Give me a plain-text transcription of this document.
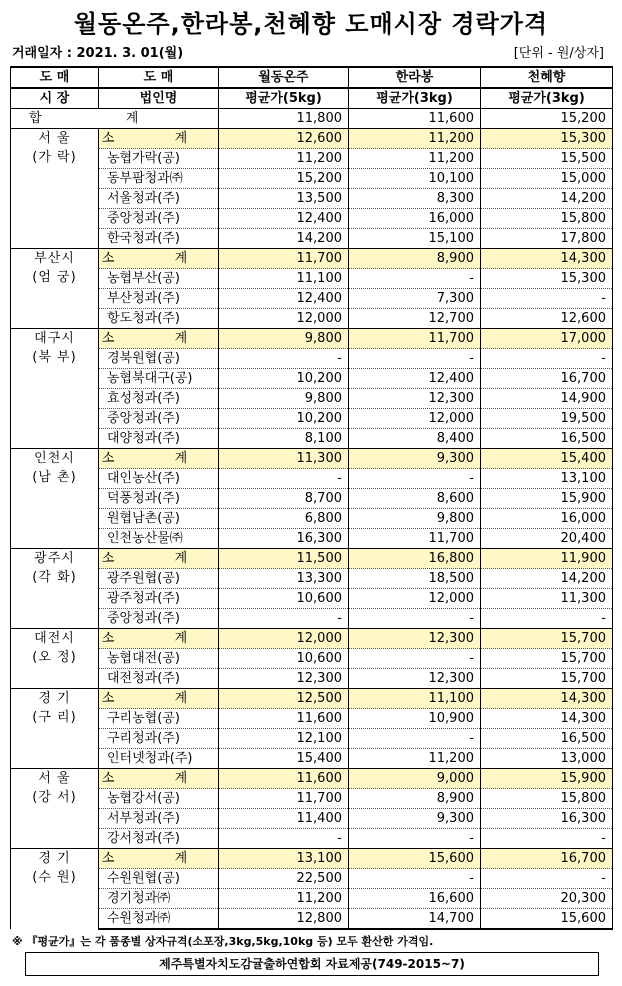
월동온주,한라봉,천혜향 도매시장 경락가격
거래일자 : 2021. 3. 01(월)	[단위 - 원/상자]
도 매	도 매	월동온주	한라봉	천혜향
시 장	법인명	평균가(5kg)	평균가(3kg)	평균가(3kg)
합 계		11,800	11,600	15,200

서 울
(가 락)	소 계	12,600	11,200	15,300
	농협가락(공)	11,200	11,200	15,500
	동부팜청과㈜	15,200	10,100	15,000
	서울청과(주)	13,500	8,300	14,200
	중앙청과(주)	12,400	16,000	15,800
	한국청과(주)	14,200	15,100	17,800

부산시
(엄 궁)	소 계	11,700	8,900	14,300
	농협부산(공)	11,100	-	15,300
	부산청과(주)	12,400	7,300	-
	항도청과(주)	12,000	12,700	12,600

대구시
(북 부)	소 계	9,800	11,700	17,000
	경북원협(공)	-	-	-
	농협북대구(공)	10,200	12,400	16,700
	효성청과(주)	9,800	12,300	14,900
	중앙청과(주)	10,200	12,000	19,500
	대양청과(주)	8,100	8,400	16,500

인천시
(남 촌)	소 계	11,300	9,300	15,400
	대인농산(주)	-	-	13,100
	덕풍청과(주)	8,700	8,600	15,900
	원협남촌(공)	6,800	9,800	16,000
	인천농산물㈜	16,300	11,700	20,400

광주시
(각 화)	소 계	11,500	16,800	11,900
	광주원협(공)	13,300	18,500	14,200
	광주청과(주)	10,600	12,000	11,300
	중앙청과(주)	-	-	-

대전시
(오 정)	소 계	12,000	12,300	15,700
	농협대전(공)	10,600	-	15,700
	대전청과(주)	12,300	12,300	15,700

경 기
(구 리)	소 계	12,500	11,100	14,300
	구리농협(공)	11,600	10,900	14,300
	구리청과(주)	12,100	-	16,500
	인터넷청과(주)	15,400	11,200	13,000

서 울
(강 서)	소 계	11,600	9,000	15,900
	농협강서(공)	11,700	8,900	15,800
	서부청과(주)	11,400	9,300	16,300
	강서청과(주)	-	-	-

경 기
(수 원)	소 계	13,100	15,600	16,700
	수원원협(공)	22,500	-	-
	경기청과㈜	11,200	16,600	20,300
	수원청과㈜	12,800	14,700	15,600
※ 『평균가』는 각 품종별 상자규격(소포장,3kg,5kg,10kg 등) 모두 환산한 가격임.
제주특별자치도감귤출하연합회 자료제공(749-2015~7)
